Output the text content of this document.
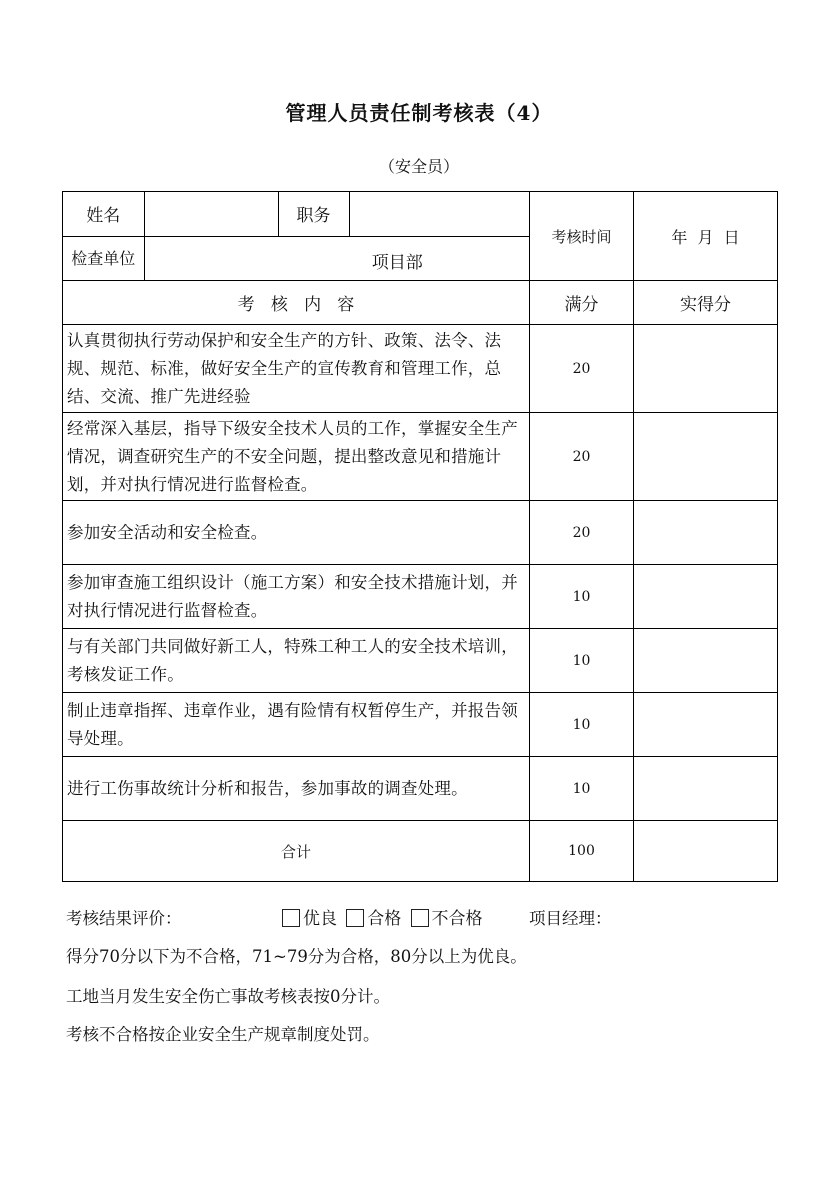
管理人员责任制考核表（4）
（安全员）
姓名		职务	
检查单位	项目部
	考核时间	年  月  日
考   核   内   容	满分	实得分
认真贯彻执行劳动保护和安全生产的方针、政策、法令、法规、规范、标准，做好安全生产的宣传教育和管理工作，总结、交流、推广先进经验	20	
经常深入基层，指导下级安全技术人员的工作，掌握安全生产情况，调查研究生产的不安全问题，提出整改意见和措施计划，并对执行情况进行监督检查。	20	
参加安全活动和安全检查。	20	
参加审查施工组织设计（施工方案）和安全技术措施计划，并对执行情况进行监督检查。	10	
与有关部门共同做好新工人，特殊工种工人的安全技术培训，考核发证工作。	10	
制止违章指挥、违章作业，遇有险情有权暂停生产，并报告领导处理。	10	
进行工伤事故统计分析和报告，参加事故的调查处理。	10	
合计	100	
考核结果评价：	优良 合格 不合格	项目经理：
得分70分以下为不合格，71~79分为合格，80分以上为优良。
工地当月发生安全伤亡事故考核表按0分计。
考核不合格按企业安全生产规章制度处罚。
